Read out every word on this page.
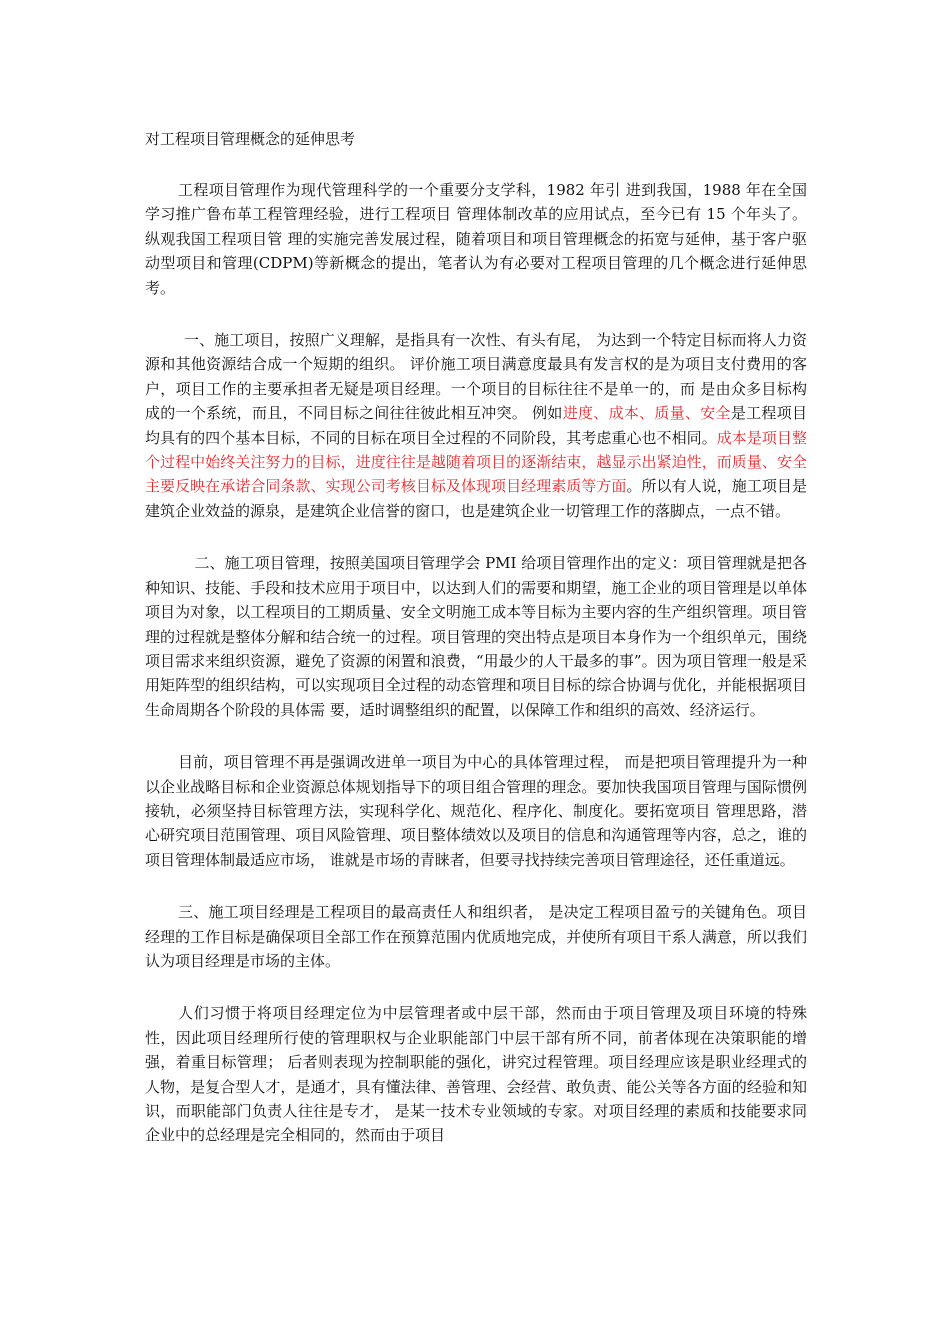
对工程项目管理概念的延伸思考

工程项目管理作为现代管理科学的一个重要分支学科，1982 年引 进到我国，1988 年在全国学习推广鲁布革工程管理经验，进行工程项目 管理体制改革的应用试点，至今已有 15 个年头了。纵观我国工程项目管 理的实施完善发展过程，随着项目和项目管理概念的拓宽与延伸，基于客户驱动型项目和管理(CDPM)等新概念的提出，笔者认为有必要对工程项目管理的几个概念进行延伸思考。

一、施工项目，按照广义理解，是指具有一次性、有头有尾， 为达到一个特定目标而将人力资源和其他资源结合成一个短期的组织。 评价施工项目满意度最具有发言权的是为项目支付费用的客户，项目工作的主要承担者无疑是项目经理。一个项目的目标往往不是单一的，而 是由众多目标构成的一个系统，而且，不同目标之间往往彼此相互冲突。 例如进度、成本、质量、安全是工程项目均具有的四个基本目标，不同的目标在项目全过程的不同阶段，其考虑重心也不相同。成本是项目整个过程中始终关注努力的目标，进度往往是越随着项目的逐渐结束，越显示出紧迫性，而质量、安全主要反映在承诺合同条款、实现公司考核目标及体现项目经理素质等方面。所以有人说，施工项目是建筑企业效益的源泉，是建筑企业信誉的窗口，也是建筑企业一切管理工作的落脚点，一点不错。

二、施工项目管理，按照美国项目管理学会 PMI 给项目管理作出的定义：项目管理就是把各种知识、技能、手段和技术应用于项目中，以达到人们的需要和期望，施工企业的项目管理是以单体项目为对象，以工程项目的工期质量、安全文明施工成本等目标为主要内容的生产组织管理。项目管理的过程就是整体分解和结合统一的过程。项目管理的突出特点是项目本身作为一个组织单元，围绕项目需求来组织资源，避免了资源的闲置和浪费，“用最少的人干最多的事”。因为项目管理一般是采用矩阵型的组织结构，可以实现项目全过程的动态管理和项目目标的综合协调与优化，并能根据项目生命周期各个阶段的具体需 要，适时调整组织的配置，以保障工作和组织的高效、经济运行。

目前，项目管理不再是强调改进单一项目为中心的具体管理过程， 而是把项目管理提升为一种以企业战略目标和企业资源总体规划指导下的项目组合管理的理念。要加快我国项目管理与国际惯例接轨，必须坚持目标管理方法，实现科学化、规范化、程序化、制度化。要拓宽项目 管理思路，潜心研究项目范围管理、项目风险管理、项目整体绩效以及项目的信息和沟通管理等内容，总之，谁的项目管理体制最适应市场， 谁就是市场的青睐者，但要寻找持续完善项目管理途径，还任重道远。

三、施工项目经理是工程项目的最高责任人和组织者， 是决定工程项目盈亏的关键角色。项目经理的工作目标是确保项目全部工作在预算范围内优质地完成，并使所有项目干系人满意，所以我们认为项目经理是市场的主体。

人们习惯于将项目经理定位为中层管理者或中层干部，然而由于项目管理及项目环境的特殊性，因此项目经理所行使的管理职权与企业职能部门中层干部有所不同，前者体现在决策职能的增强，着重目标管理； 后者则表现为控制职能的强化，讲究过程管理。项目经理应该是职业经理式的人物，是复合型人才，是通才，具有懂法律、善管理、会经营、敢负责、能公关等各方面的经验和知识，而职能部门负责人往往是专才， 是某一技术专业领域的专家。对项目经理的素质和技能要求同企业中的总经理是完全相同的，然而由于项目
